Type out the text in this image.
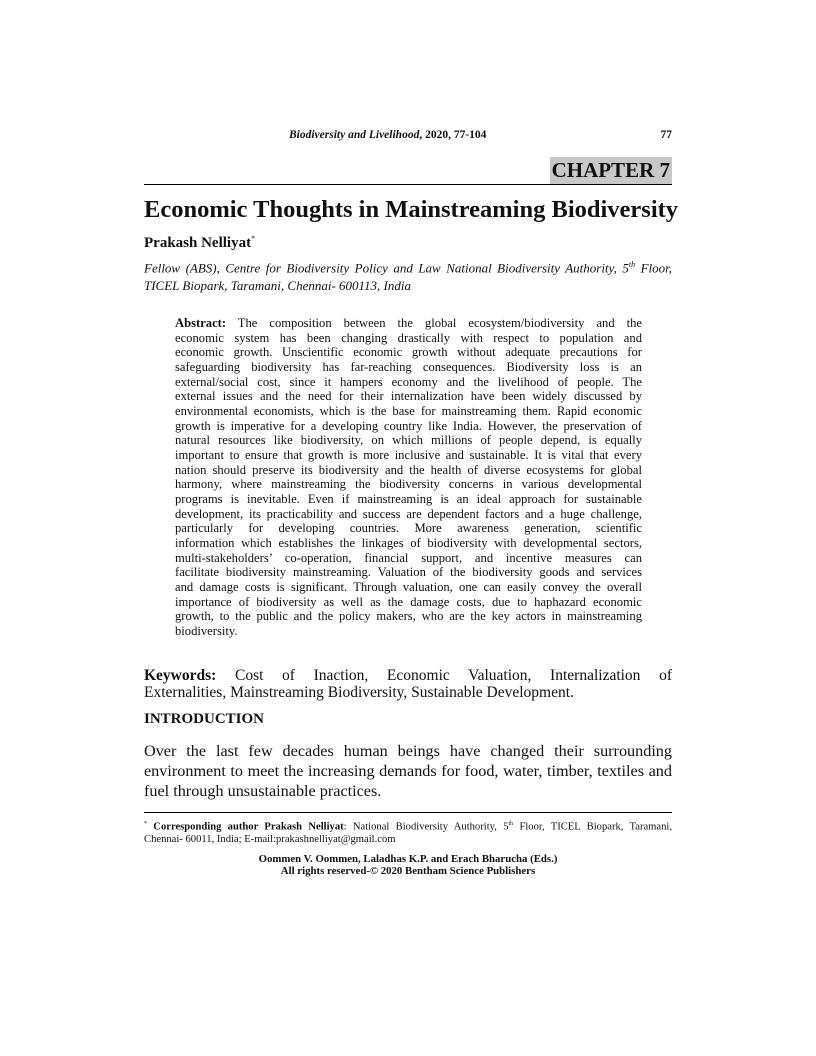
Biodiversity and Livelihood, 2020, 77-104	77
CHAPTER 7
Economic Thoughts in Mainstreaming Biodiversity
Prakash Nelliyat*
Fellow (ABS), Centre for Biodiversity Policy and Law National Biodiversity Authority, 5th Floor,
TICEL Biopark, Taramani, Chennai- 600113, India
Abstract: The composition between the global ecosystem/biodiversity and the
economic system has been changing drastically with respect to population and
economic growth. Unscientific economic growth without adequate precautions for
safeguarding biodiversity has far-reaching consequences. Biodiversity loss is an
external/social cost, since it hampers economy and the livelihood of people. The
external issues and the need for their internalization have been widely discussed by
environmental economists, which is the base for mainstreaming them. Rapid economic
growth is imperative for a developing country like India. However, the preservation of
natural resources like biodiversity, on which millions of people depend, is equally
important to ensure that growth is more inclusive and sustainable. It is vital that every
nation should preserve its biodiversity and the health of diverse ecosystems for global
harmony, where mainstreaming the biodiversity concerns in various developmental
programs is inevitable. Even if mainstreaming is an ideal approach for sustainable
development, its practicability and success are dependent factors and a huge challenge,
particularly for developing countries. More awareness generation, scientific
information which establishes the linkages of biodiversity with developmental sectors,
multi-stakeholders’ co-operation, financial support, and incentive measures can
facilitate biodiversity mainstreaming. Valuation of the biodiversity goods and services
and damage costs is significant. Through valuation, one can easily convey the overall
importance of biodiversity as well as the damage costs, due to haphazard economic
growth, to the public and the policy makers, who are the key actors in mainstreaming
biodiversity.
Keywords: Cost of Inaction, Economic Valuation, Internalization of
Externalities, Mainstreaming Biodiversity, Sustainable Development.
INTRODUCTION
Over the last few decades human beings have changed their surrounding
environment to meet the increasing demands for food, water, timber, textiles and
fuel through unsustainable practices.
* Corresponding author Prakash Nelliyat: National Biodiversity Authority, 5th Floor, TICEL Biopark, Taramani,
Chennai- 60011, India; E-mail:prakashnelliyat@gmail.com
Oommen V. Oommen, Laladhas K.P. and Erach Bharucha (Eds.)
All rights reserved-© 2020 Bentham Science Publishers
